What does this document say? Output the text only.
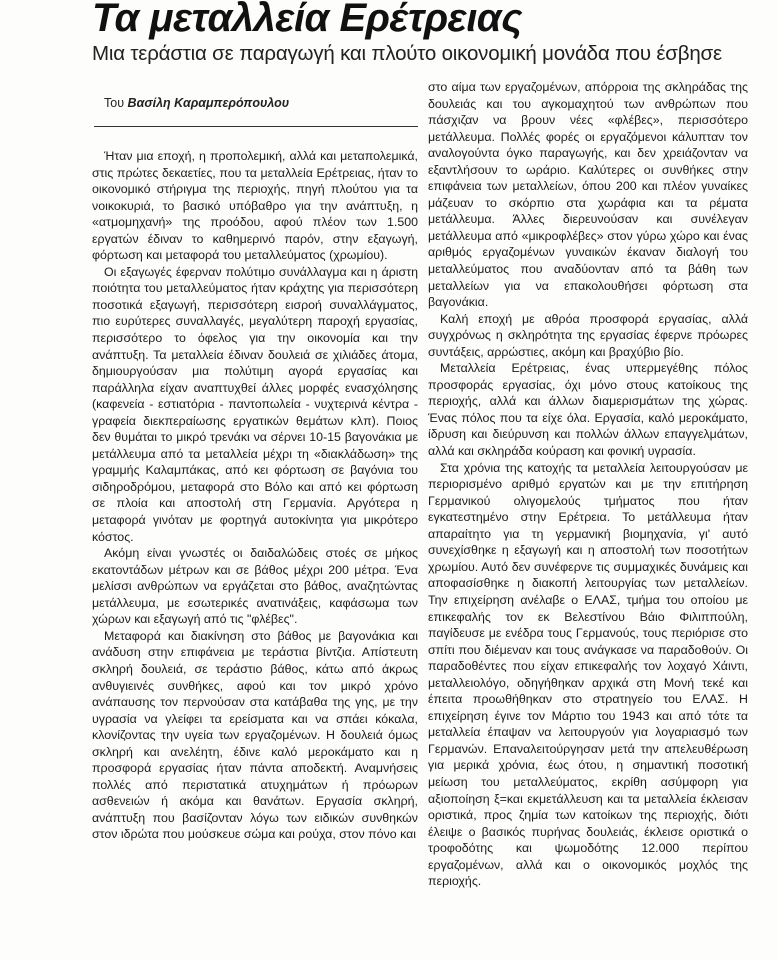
Τα μεταλλεία Ερέτρειας
Μια τεράστια σε παραγωγή και πλούτο οικονομική μονάδα που έσβησε
Του Βασίλη Καραμπερόπουλου

Ήταν μια εποχή, η προπολεμική, αλλά και μεταπολεμικά, στις πρώτες δεκαετίες, που τα μεταλλεία Ερέτρειας, ήταν το οικονομικό στήριγμα της περιοχής, πηγή πλούτου για τα νοικοκυριά, το βασικό υπόβαθρο για την ανάπτυξη, η «ατμομηχανή» της προόδου, αφού πλέον των 1.500 εργατών έδιναν το καθημερινό παρόν, στην εξαγωγή, φόρτωση και μεταφορά του μεταλλεύματος (χρωμίου).

Οι εξαγωγές έφερναν πολύτιμο συνάλλαγμα και η άριστη ποιότητα του μεταλλεύματος ήταν κράχτης για περισσότερη ποσοτικά εξαγωγή, περισσότερη εισροή συναλλάγματος, πιο ευρύτερες συναλλαγές, μεγαλύτερη παροχή εργασίας, περισσότερο το όφελος για την οικονομία και την ανάπτυξη. Τα μεταλλεία έδιναν δουλειά σε χιλιάδες άτομα, δημιουργούσαν μια πολύτιμη αγορά εργασίας και παράλληλα είχαν αναπτυχθεί άλλες μορφές ενασχόλησης (καφενεία - εστιατόρια - παντοπωλεία - νυχτερινά κέντρα - γραφεία διεκπεραίωσης εργατικών θεμάτων κλπ). Ποιος δεν θυμάται το μικρό τρενάκι να σέρνει 10-15 βαγονάκια με μετάλλευμα από τα μεταλλεία μέχρι τη «διακλάδωση» της γραμμής Καλαμπάκας, από κει φόρτωση σε βαγόνια του σιδηροδρόμου, μεταφορά στο Βόλο και από κει φόρτωση σε πλοία και αποστολή στη Γερμανία. Αργότερα η μεταφορά γινόταν με φορτηγά αυτοκίνητα για μικρότερο κόστος.

Ακόμη είναι γνωστές οι δαιδαλώδεις στοές σε μήκος εκατοντάδων μέτρων και σε βάθος μέχρι 200 μέτρα. Ένα μελίσσι ανθρώπων να εργάζεται στο βάθος, αναζητώντας μετάλλευμα, με εσωτερικές ανατινάξεις, καφάσωμα των χώρων και εξαγωγή από τις "φλέβες".

Μεταφορά και διακίνηση στο βάθος με βαγονάκια και ανάδυση στην επιφάνεια με τεράστια βίντζια. Απίστευτη σκληρή δουλειά, σε τεράστιο βάθος, κάτω από άκρως ανθυγιεινές συνθήκες, αφού και τον μικρό χρόνο ανάπαυσης τον περνούσαν στα κατάβαθα της γης, με την υγρασία να γλείφει τα ερείσματα και να σπάει κόκαλα, κλονίζοντας την υγεία των εργαζομένων. Η δουλειά όμως σκληρή και ανελέητη, έδινε καλό μεροκάματο και η προσφορά εργασίας ήταν πάντα αποδεκτή. Αναμνήσεις πολλές από περιστατικά ατυχημάτων ή πρόωρων ασθενειών ή ακόμα και θανάτων. Εργασία σκληρή, ανάπτυξη που βασίζονταν λόγω των ειδικών συνθηκών στον ιδρώτα που μούσκευε σώμα και ρούχα, στον πόνο και

στο αίμα των εργαζομένων, απόρροια της σκληράδας της δουλειάς και του αγκομαχητού των ανθρώπων που πάσχιζαν να βρουν νέες «φλέβες», περισσότερο μετάλλευμα. Πολλές φορές οι εργαζόμενοι κάλυπταν τον αναλογούντα όγκο παραγωγής, και δεν χρειάζονταν να εξαντλήσουν το ωράριο. Καλύτερες οι συνθήκες στην επιφάνεια των μεταλλείων, όπου 200 και πλέον γυναίκες μάζευαν το σκόρπιο στα χωράφια και τα ρέματα μετάλλευμα. Άλλες διερευνούσαν και συνέλεγαν μετάλλευμα από «μικροφλέβες» στον γύρω χώρο και ένας αριθμός εργαζομένων γυναικών έκαναν διαλογή του μεταλλεύματος που αναδύονταν από τα βάθη των μεταλλείων για να επακολουθήσει φόρτωση στα βαγονάκια.

Καλή εποχή με αθρόα προσφορά εργασίας, αλλά συγχρόνως η σκληρότητα της εργασίας έφερνε πρόωρες συντάξεις, αρρώστιες, ακόμη και βραχύβιο βίο.

Μεταλλεία Ερέτρειας, ένας υπερμεγέθης πόλος προσφοράς εργασίας, όχι μόνο στους κατοίκους της περιοχής, αλλά και άλλων διαμερισμάτων της χώρας. Ένας πόλος που τα είχε όλα. Εργασία, καλό μεροκάματο, ίδρυση και διεύρυνση και πολλών άλλων επαγγελμάτων, αλλά και σκληράδα κούραση και φονική υγρασία.

Στα χρόνια της κατοχής τα μεταλλεία λειτουργούσαν με περιορισμένο αριθμό εργατών και με την επιτήρηση Γερμανικού ολιγομελούς τμήματος που ήταν εγκατεστημένο στην Ερέτρεια. Το μετάλλευμα ήταν απαραίτητο για τη γερμανική βιομηχανία, γι' αυτό συνεχίσθηκε η εξαγωγή και η αποστολή των ποσοτήτων χρωμίου. Αυτό δεν συνέφερνε τις συμμαχικές δυνάμεις και αποφασίσθηκε η διακοπή λειτουργίας των μεταλλείων. Την επιχείρηση ανέλαβε ο ΕΛΑΣ, τμήμα του οποίου με επικεφαλής τον εκ Βελεστίνου Βάιο Φιλιππούλη, παγίδευσε με ενέδρα τους Γερμανούς, τους περιόρισε στο σπίτι που διέμεναν και τους ανάγκασε να παραδοθούν. Οι παραδοθέντες που είχαν επικεφαλής τον λοχαγό Χάιντι, μεταλλειολόγο, οδηγήθηκαν αρχικά στη Μονή τεκέ και έπειτα προωθήθηκαν στο στρατηγείο του ΕΛΑΣ. Η επιχείρηση έγινε τον Μάρτιο του 1943 και από τότε τα μεταλλεία έπαψαν να λειτουργούν για λογαριασμό των Γερμανών. Επαναλειτούργησαν μετά την απελευθέρωση για μερικά χρόνια, έως ότου, η σημαντική ποσοτική μείωση του μεταλλεύματος, εκρίθη ασύμφορη για αξιοποίηση ξ=και εκμετάλλευση και τα μεταλλεία έκλεισαν οριστικά, προς ζημία των κατοίκων της περιοχής, διότι έλειψε ο βασικός πυρήνας δουλειάς, έκλεισε οριστικά ο τροφοδότης και ψωμοδότης 12.000 περίπου εργαζομένων, αλλά και ο οικονομικός μοχλός της περιοχής.
